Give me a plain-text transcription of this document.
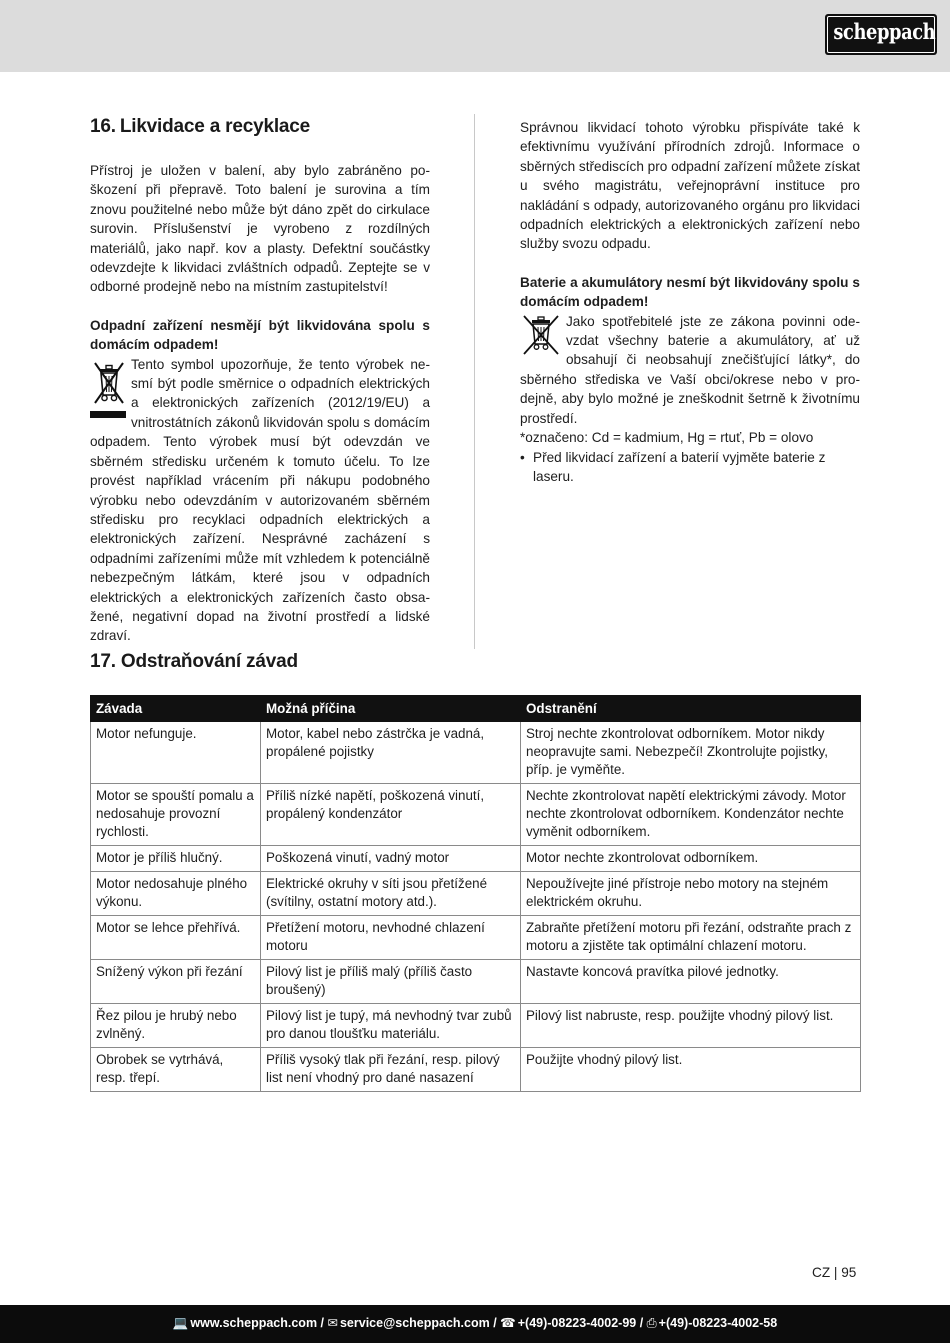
scheppach
16. Likvidace a recyklace

Přístroj je uložen v balení, aby bylo zabráněno poškození při přepravě. Toto balení je surovina a tím znovu použitelné nebo může být dáno zpět do cirkulace surovin. Příslušenství je vyrobeno z rozdílných materiálů, jako např. kov a plasty. Defektní součástky odevzdejte k likvidaci zvláštních odpadů. Zeptejte se v odborné prodejně nebo na místním zastupitelství!

Odpadní zařízení nesmějí být likvidována spolu s domácím odpadem!

Tento symbol upozorňuje, že tento výrobek nesmí být podle směrnice o odpadních elektrických a elektronických zařízeních (2012/19/EU) a vnitrostátních zákonů likvidován spolu s domácím odpadem. Tento výrobek musí být odevzdán ve sběrném středisku určeném k tomuto účelu. To lze provést například vrácením při nákupu podobného výrobku nebo odevzdáním v autorizovaném sběrném středisku pro recyklaci odpadních elektrických a elektronických zařízení. Nesprávné zacházení s odpadními zařízeními může mít vzhledem k potenciálně nebezpečným látkám, které jsou v odpadních elektrických a elektronických zařízeních často obsažené, negativní dopad na životní prostředí a lidské zdraví.

Správnou likvidací tohoto výrobku přispíváte také k efektivnímu využívání přírodních zdrojů. Informace o sběrných střediscích pro odpadní zařízení můžete získat u svého magistrátu, veřejnoprávní instituce pro nakládání s odpady, autorizovaného orgánu pro likvidaci odpadních elektrických a elektronických zařízení nebo služby svozu odpadu.

Baterie a akumulátory nesmí být likvidovány spolu s domácím odpadem!

Jako spotřebitelé jste ze zákona povinni odevzdat všechny baterie a akumulátory, ať už obsahují či neobsahují znečišťující látky*, do sběrného střediska ve Vaší obci/okrese nebo v prodejně, aby bylo možné je zneškodnit šetrně k životnímu prostředí.

*označeno: Cd = kadmium, Hg = rtuť, Pb = olovo

• Před likvidací zařízení a baterií vyjměte baterie z laseru.
17. Odstraňování závad
Závada	Možná příčina	Odstranění
Motor nefunguje.	Motor, kabel nebo zástrčka je vadná, propálené pojistky	Stroj nechte zkontrolovat odborníkem. Motor nikdy neopravujte sami. Nebezpečí! Zkontrolujte pojistky, příp. je vyměňte.
Motor se spouští pomalu a nedosahuje provozní rychlosti.	Příliš nízké napětí, poškozená vinutí, propálený kondenzátor	Nechte zkontrolovat napětí elektrickými závody. Motor nechte zkontrolovat odborníkem. Kondenzátor nechte vyměnit odborníkem.
Motor je příliš hlučný.	Poškozená vinutí, vadný motor	Motor nechte zkontrolovat odborníkem.
Motor nedosahuje plného výkonu.	Elektrické okruhy v síti jsou přetížené (svítilny, ostatní motory atd.).	Nepoužívejte jiné přístroje nebo motory na stejném elektrickém okruhu.
Motor se lehce přehřívá.	Přetížení motoru, nevhodné chlazení motoru	Zabraňte přetížení motoru při řezání, odstraňte prach z motoru a zjistěte tak optimální chlazení motoru.
Snížený výkon při řezání	Pilový list je příliš malý (příliš často broušený)	Nastavte koncová pravítka pilové jednotky.
Řez pilou je hrubý nebo zvlněný.	Pilový list je tupý, má nevhodný tvar zubů pro danou tloušťku materiálu.	Pilový list nabruste, resp. použijte vhodný pilový list.
Obrobek se vytrhává, resp. třepí.	Příliš vysoký tlak při řezání, resp. pilový list není vhodný pro dané nasazení	Použijte vhodný pilový list.
CZ | 95
💻 www.scheppach.com / ✉ service@scheppach.com / ☎ +(49)-08223-4002-99 / ⎙ +(49)-08223-4002-58
